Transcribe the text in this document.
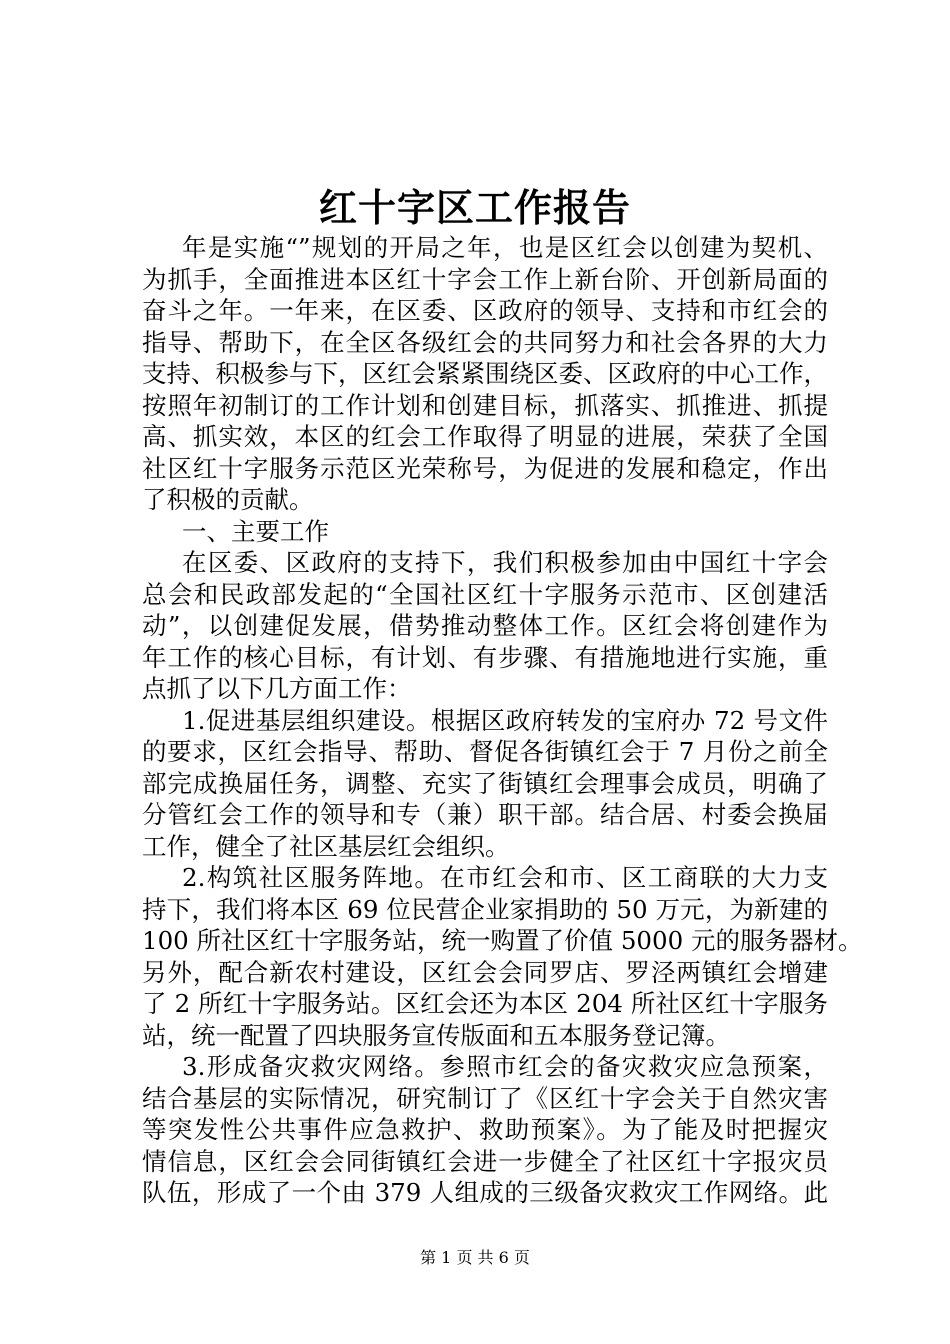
红十字区工作报告
年是实施“”规划的开局之年，也是区红会以创建为契机、
为抓手，全面推进本区红十字会工作上新台阶、开创新局面的
奋斗之年。一年来，在区委、区政府的领导、支持和市红会的
指导、帮助下，在全区各级红会的共同努力和社会各界的大力
支持、积极参与下，区红会紧紧围绕区委、区政府的中心工作，
按照年初制订的工作计划和创建目标，抓落实、抓推进、抓提
高、抓实效，本区的红会工作取得了明显的进展，荣获了全国
社区红十字服务示范区光荣称号，为促进的发展和稳定，作出
了积极的贡献。
一、主要工作
在区委、区政府的支持下，我们积极参加由中国红十字会
总会和民政部发起的“全国社区红十字服务示范市、区创建活
动”，以创建促发展，借势推动整体工作。区红会将创建作为
年工作的核心目标，有计划、有步骤、有措施地进行实施，重
点抓了以下几方面工作：
1.促进基层组织建设。根据区政府转发的宝府办 72 号文件
的要求，区红会指导、帮助、督促各街镇红会于 7 月份之前全
部完成换届任务，调整、充实了街镇红会理事会成员，明确了
分管红会工作的领导和专（兼）职干部。结合居、村委会换届
工作，健全了社区基层红会组织。
2.构筑社区服务阵地。在市红会和市、区工商联的大力支
持下，我们将本区 69 位民营企业家捐助的 50 万元，为新建的
100 所社区红十字服务站，统一购置了价值 5000 元的服务器材。
另外，配合新农村建设，区红会会同罗店、罗泾两镇红会增建
了 2 所红十字服务站。区红会还为本区 204 所社区红十字服务
站，统一配置了四块服务宣传版面和五本服务登记簿。
3.形成备灾救灾网络。参照市红会的备灾救灾应急预案，
结合基层的实际情况，研究制订了《区红十字会关于自然灾害
等突发性公共事件应急救护、救助预案》。为了能及时把握灾
情信息，区红会会同街镇红会进一步健全了社区红十字报灾员
队伍，形成了一个由 379 人组成的三级备灾救灾工作网络。此
第 1 页 共 6 页
